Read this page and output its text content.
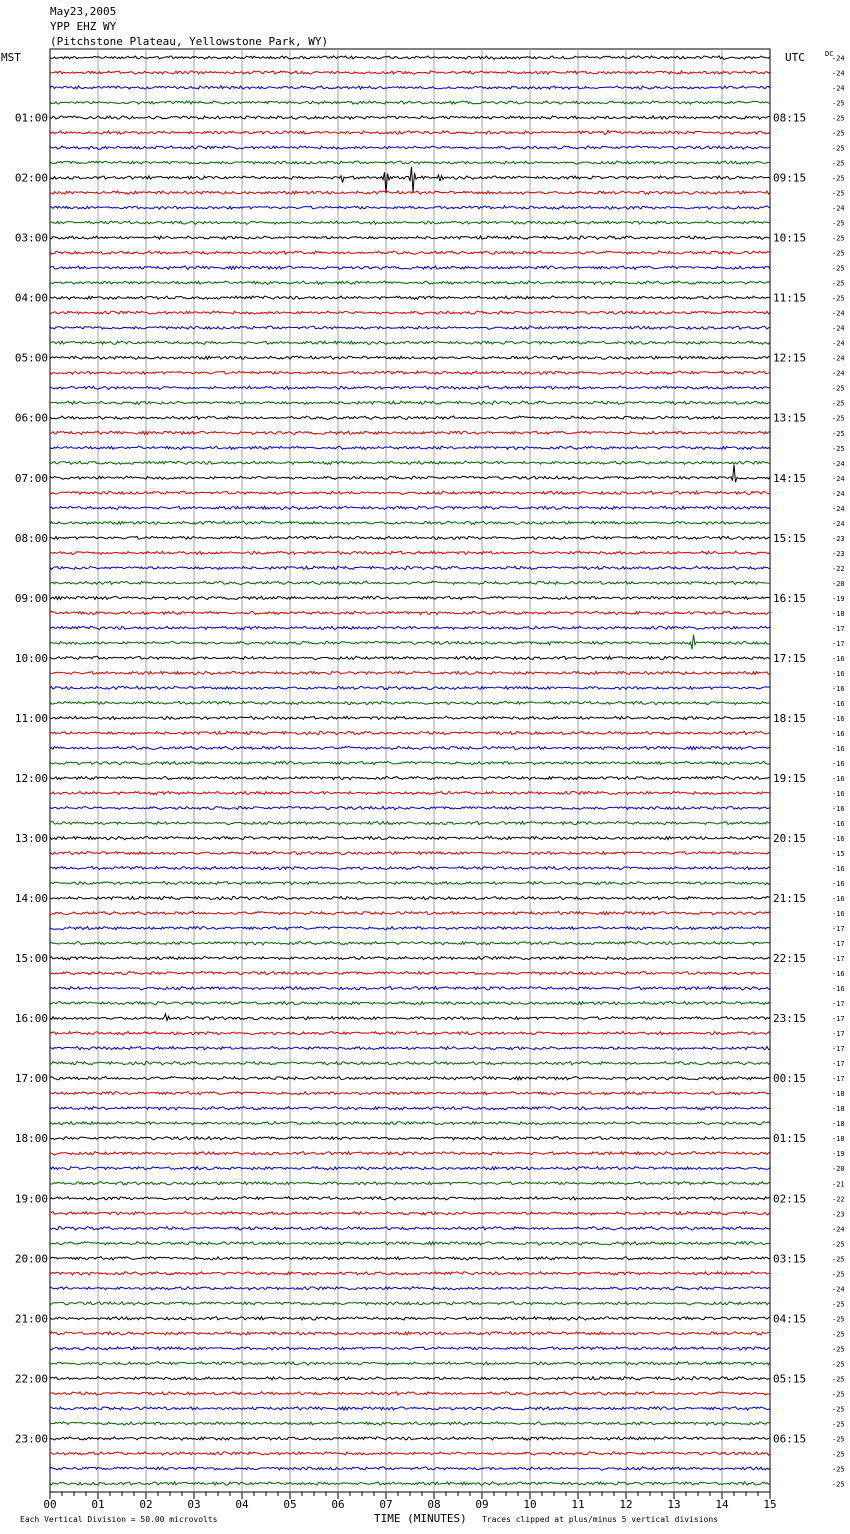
May23,2005
YPP EHZ WY
(Pitchstone Plateau, Yellowstone Park, WY)
MST	UTC	DC
-24
-24
-24
-25
-25
-25
-25
-25
-25
-25
-24
-25
-25
-25
-25
-25
-25
-24
-24
-24
-24
-24
-25
-25
-25
-25
-25
-24
-24
-24
-24
-24
-23
-23
-22
-20
-19
-18
-17
-17
-16
-16
-16
-16
-16
-16
-16
-16
-16
-16
-16
-16
-16
-15
-16
-16
-16
-16
-17
-17
-17
-16
-16
-17
-17
-17
-17
-17
-17
-18
-18
-18
-18
-19
-20
-21
-22
-23
-24
-25
-25
-25
-24
-25
-25
-25
-25
-25
-25
-25
-25
-25
-25
-25
-25
-25
01:00
02:00
03:00
04:00
05:00
06:00
07:00
08:00
09:00
10:00
11:00
12:00
13:00
14:00
15:00
16:00
17:00
18:00
19:00
20:00
21:00
22:00
23:00
08:15
09:15
10:15
11:15
12:15
13:15
14:15
15:15
16:15
17:15
18:15
19:15
20:15
21:15
22:15
23:15
00:15
01:15
02:15
03:15
04:15
05:15
06:15
00	01	02	03	04	05	06	07	08	09	10	11	12	13	14	15
TIME (MINUTES)
Each Vertical Division = 50.00 microvolts	Traces clipped at plus/minus 5 vertical divisions
